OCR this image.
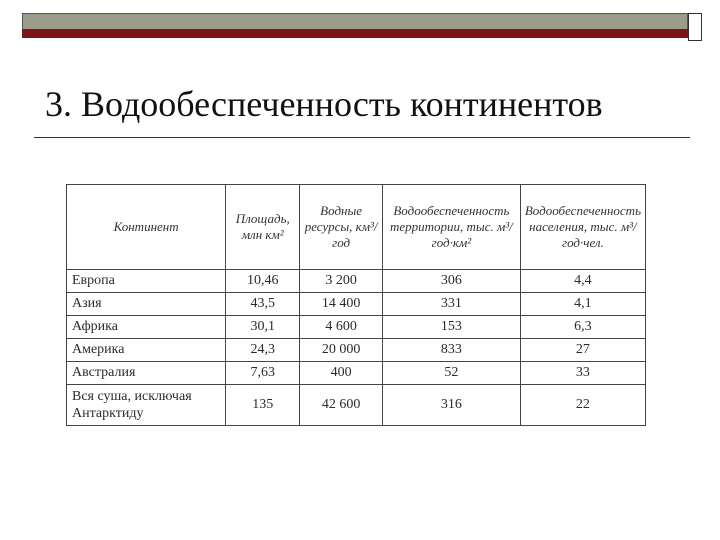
3. Водообеспеченность континентов
Континент	Площадь, млн км²	Водные ресурсы, км³/год	Водообеспеченность территории, тыс. м³/ год·км²	Водообеспеченность населения, тыс. м³/ год·чел.
Европа	10,46	3 200	306	4,4
Азия	43,5	14 400	331	4,1
Африка	30,1	4 600	153	6,3
Америка	24,3	20 000	833	27
Австралия	7,63	400	52	33
Вся суша, исключая Антарктиду	135	42 600	316	22
